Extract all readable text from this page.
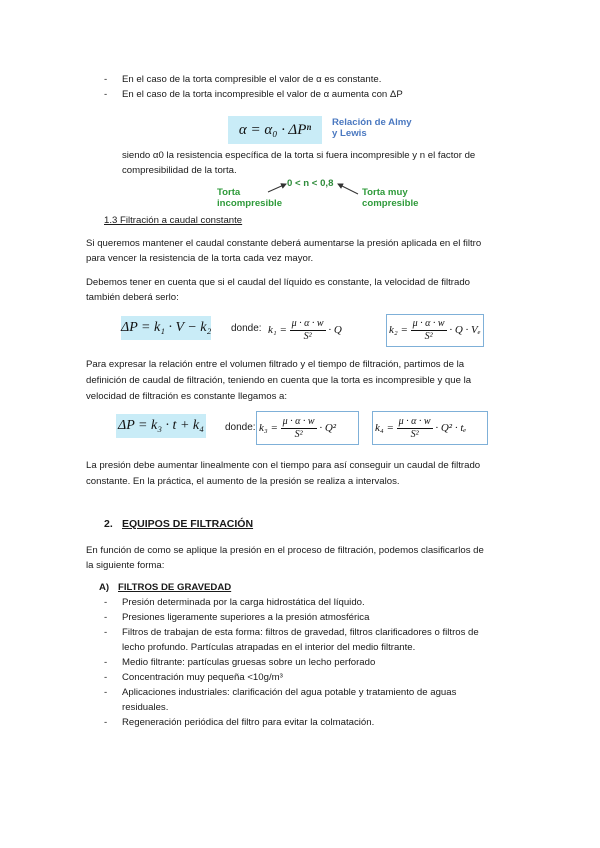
- En el caso de la torta compresible el valor de α es constante.
- En el caso de la torta incompresible el valor de α aumenta con ΔP
α = α₀ · ΔPⁿ	Relación de Almy y Lewis
siendo α0 la resistencia específica de la torta si fuera incompresible y n el factor de
compresibilidad de la torta.
0 < n < 0,8
Torta
incompresible
Torta muy
compresible
1.3 Filtración a caudal constante
Si queremos mantener el caudal constante deberá aumentarse la presión aplicada en el filtro
para vencer la resistencia de la torta cada vez mayor.
Debemos tener en cuenta que si el caudal del líquido es constante, la velocidad de filtrado
también deberá serlo:
ΔP = k₁ · V − k₂ donde: $k_1 = \frac{\mu \cdot \alpha \cdot w}{\text{S²}} \cdot Q$	$k_2 = \frac{\mu \cdot \alpha \cdot w}{\text{S²}} \cdot Q \cdot V_e$
Para expresar la relación entre el volumen filtrado y el tiempo de filtración, partimos de la
definición de caudal de filtración, teniendo en cuenta que la torta es incompresible y que la
velocidad de filtración es constante llegamos a:
ΔP = k₃ · t + k₄ donde: $k_3 = \frac{\mu \cdot \alpha \cdot w}{\text{S²}} \cdot Q^2$	$k_4 = \frac{\mu \cdot \alpha \cdot w}{\text{S²}} \cdot Q^2 \cdot t_e$
La presión debe aumentar linealmente con el tiempo para así conseguir un caudal de filtrado
constante. En la práctica, el aumento de la presión se realiza a intervalos.
2. EQUIPOS DE FILTRACIÓN
En función de como se aplique la presión en el proceso de filtración, podemos clasificarlos de
la siguiente forma:
A) FILTROS DE GRAVEDAD
- Presión determinada por la carga hidrostática del líquido.
- Presiones ligeramente superiores a la presión atmosférica
- Filtros de trabajan de esta forma: filtros de gravedad, filtros clarificadores o filtros de
lecho profundo. Partículas atrapadas en el interior del medio filtrante.
- Medio filtrante: partículas gruesas sobre un lecho perforado
- Concentración muy pequeña <10g/m³
- Aplicaciones industriales: clarificación del agua potable y tratamiento de aguas
residuales.
- Regeneración periódica del filtro para evitar la colmatación.
